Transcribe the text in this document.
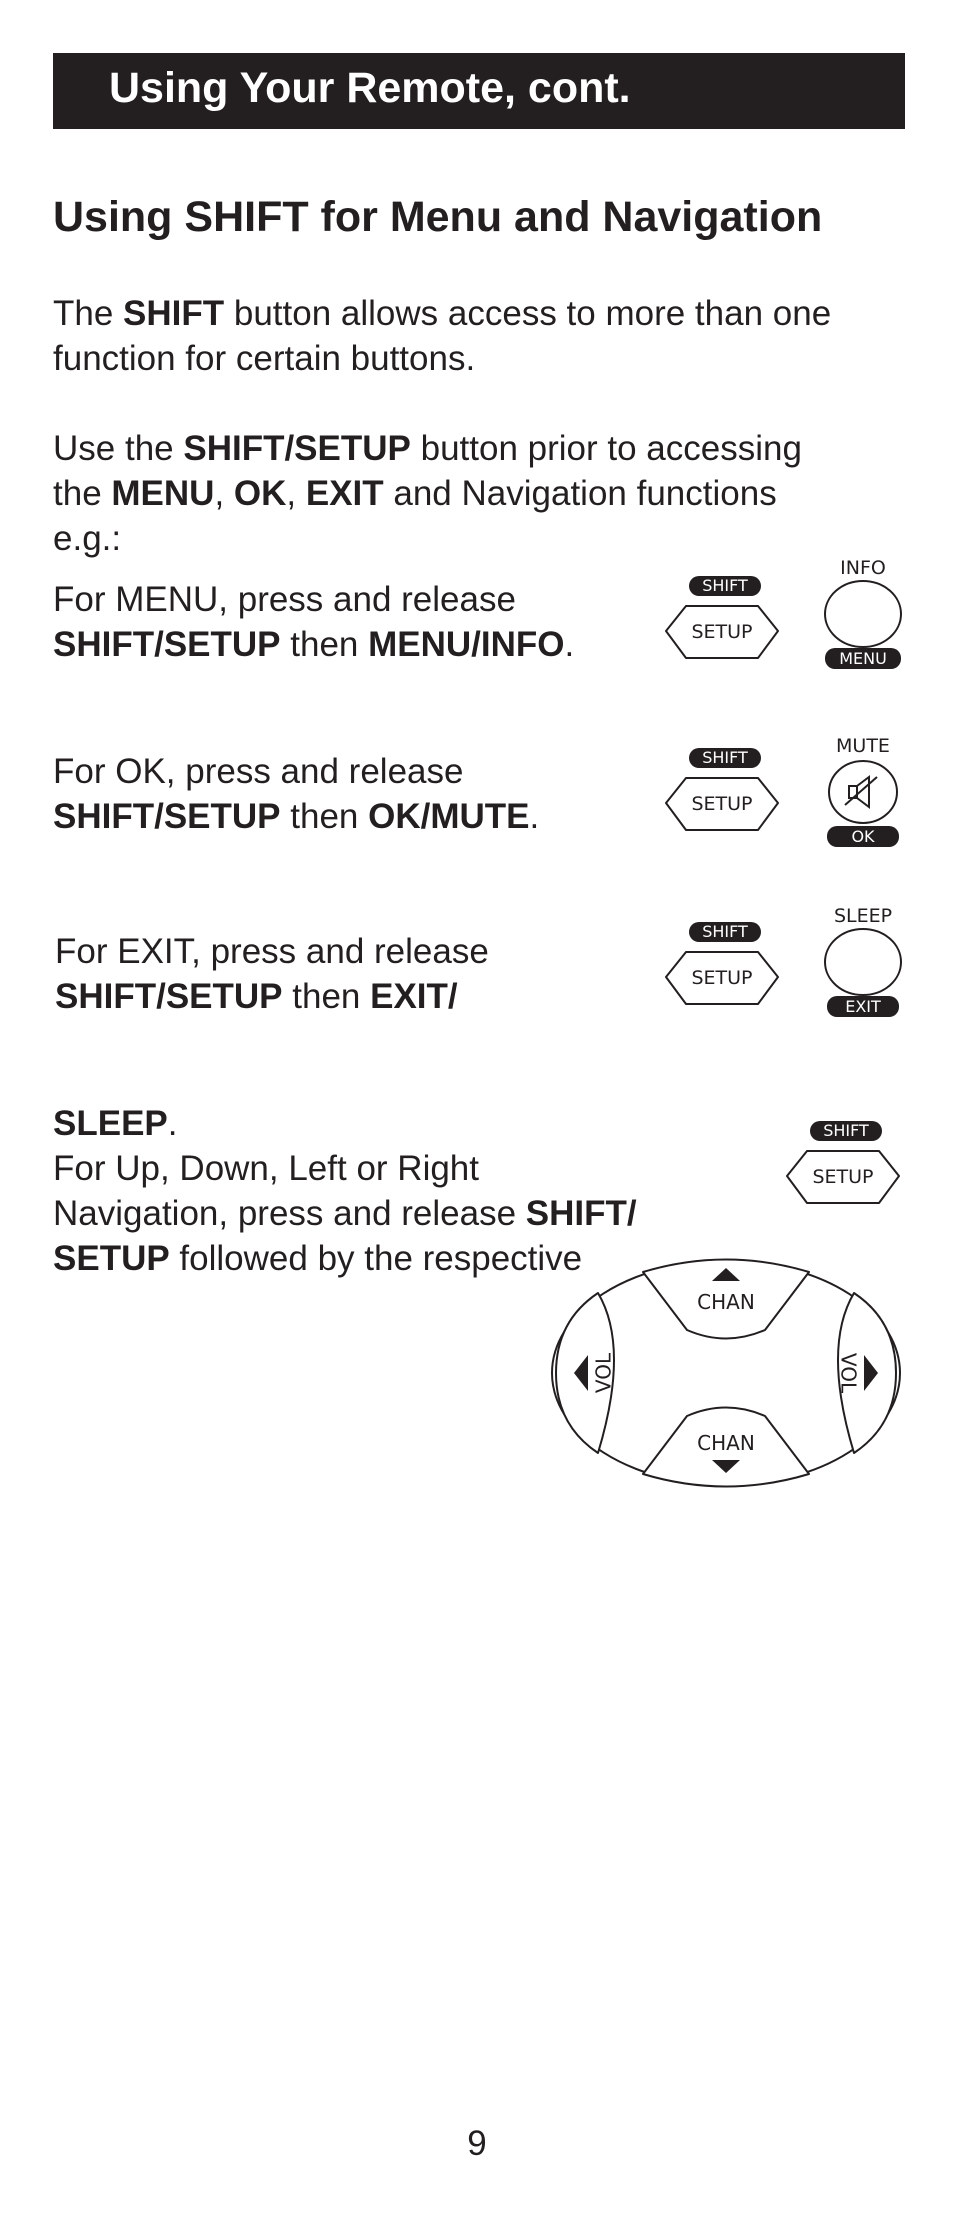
Using Your Remote, cont.
Using SHIFT for Menu and Navigation

The SHIFT button allows access to more than one
function for certain buttons.

Use the SHIFT/SETUP button prior to accessing
the MENU, OK, EXIT and Navigation functions
e.g.:

For MENU, press and release
SHIFT/SETUP then MENU/INFO.

For OK, press and release
SHIFT/SETUP then OK/MUTE.

For EXIT, press and release
SHIFT/SETUP then EXIT/

SLEEP.
For Up, Down, Left or Right
Navigation, press and release SHIFT/
SETUP followed by the respective

SHIFT
SETUP
INFO
MENU
SHIFT
SETUP
MUTE
OK
SHIFT
SETUP
SLEEP
EXIT
SHIFT
SETUP
CHAN
CHAN
VOL	VOL
9
